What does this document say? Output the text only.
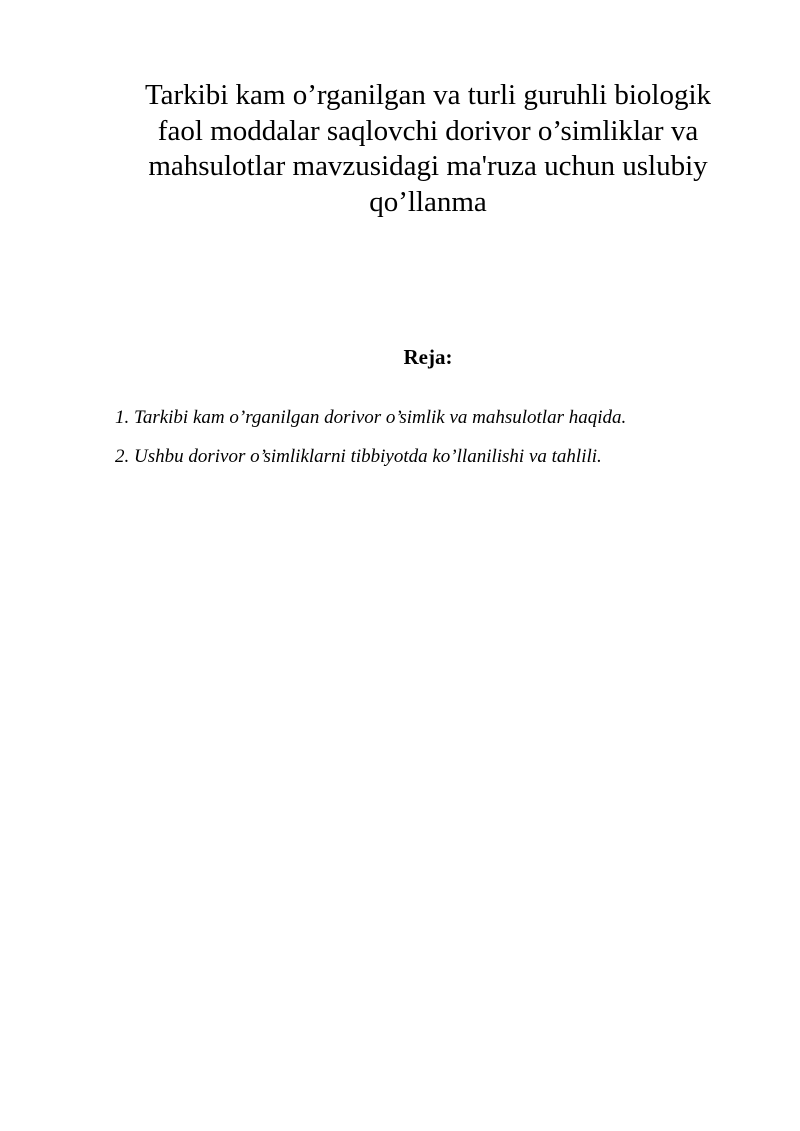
Tarkibi kam o’rganilgan va turli guruhli biologik
faol moddalar saqlovchi dorivor o’simliklar va
mahsulotlar mavzusidagi ma'ruza uchun uslubiy
qo’llanma
Reja:
1. Tarkibi kam o’rganilgan dorivor o’simlik va mahsulotlar haqida.
2. Ushbu dorivor o’simliklarni tibbiyotda ko’llanilishi va tahlili.
